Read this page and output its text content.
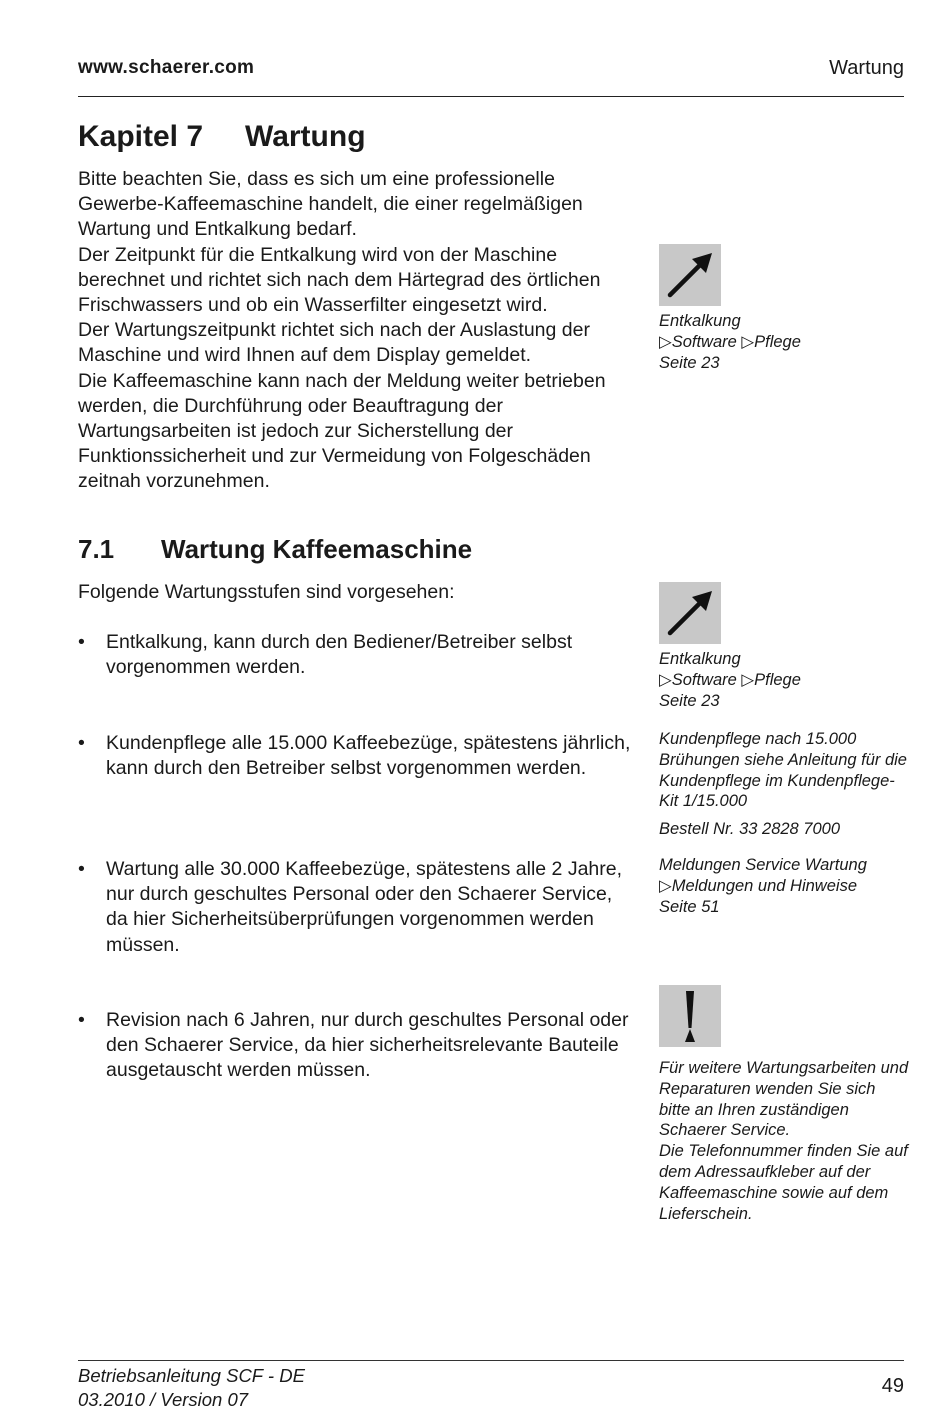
www.schaerer.com	Wartung
Kapitel 7 Wartung

Bitte beachten Sie, dass es sich um eine professionelle Gewerbe-Kaffeemaschine handelt, die einer regelmäßigen Wartung und Entkalkung bedarf.

Der Zeitpunkt für die Entkalkung wird von der Maschine berechnet und richtet sich nach dem Härtegrad des örtlichen Frischwassers und ob ein Wasserfilter eingesetzt wird.

Der Wartungszeitpunkt richtet sich nach der Auslastung der Maschine und wird Ihnen auf dem Display gemeldet.

Die Kaffeemaschine kann nach der Meldung weiter betrieben werden, die Durchführung oder Beauftragung der Wartungsarbeiten ist jedoch zur Sicherstellung der Funktionssicherheit und zur Vermeidung von Folgeschäden zeitnah vorzunehmen.

7.1 Wartung Kaffeemaschine
Folgende Wartungsstufen sind vorgesehen:
• Entkalkung, kann durch den Bediener/Betreiber selbst vorgenommen werden.
• Kundenpflege alle 15.000 Kaffeebezüge, spätestens jährlich, kann durch den Betreiber selbst vorgenommen werden.
• Wartung alle 30.000 Kaffeebezüge, spätestens alle 2 Jahre, nur durch geschultes Personal oder den Schaerer Service, da hier Sicherheitsüberprüfungen vorgenommen werden müssen.
• Revision nach 6 Jahren, nur durch geschultes Personal oder den Schaerer Service, da hier sicherheitsrelevante Bauteile ausgetauscht werden müssen.

Entkalkung

▷Software ▷Pflege

Seite 23

Entkalkung

▷Software ▷Pflege

Seite 23

Kundenpflege nach 15.000 Brühungen siehe Anleitung für die Kundenpflege im Kundenpflege-Kit 1/15.000
Bestell Nr. 33 2828 7000

Meldungen Service Wartung

▷Meldungen und Hinweise

Seite 51

Für weitere Wartungsarbeiten und Reparaturen wenden Sie sich bitte an Ihren zuständigen Schaerer Service.

Die Telefonnummer finden Sie auf dem Adressaufkleber auf der Kaffeemaschine sowie auf dem Lieferschein.

Betriebsanleitung SCF - DE
03.2010 / Version 07
49
